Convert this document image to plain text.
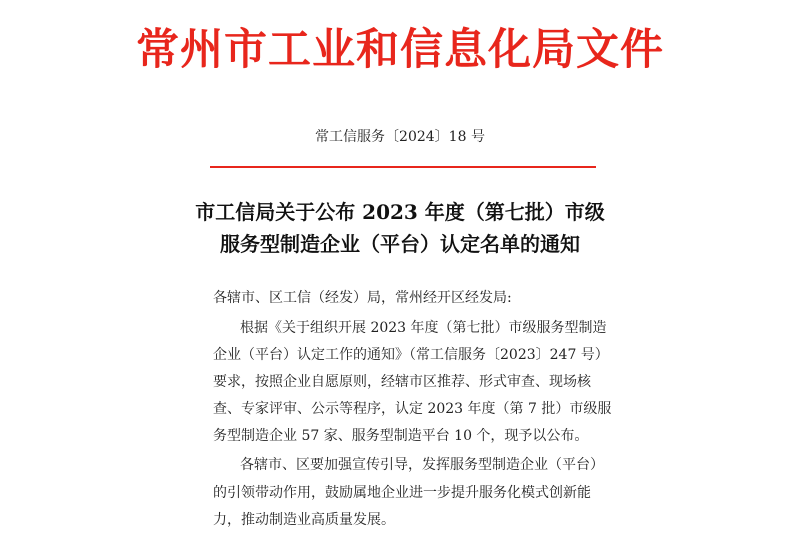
常州市工业和信息化局文件
常工信服务〔2024〕18 号
市工信局关于公布 2023 年度（第七批）市级
服务型制造企业（平台）认定名单的通知
各辖市、区工信（经发）局，常州经开区经发局:
根据《关于组织开展 2023 年度（第七批）市级服务型制造
企业（平台）认定工作的通知》（常工信服务〔2023〕247 号）
要求，按照企业自愿原则，经辖市区推荐、形式审查、现场核
查、专家评审、公示等程序，认定 2023 年度（第 7 批）市级服
务型制造企业 57 家、服务型制造平台 10 个，现予以公布。
各辖市、区要加强宣传引导，发挥服务型制造企业（平台）
的引领带动作用，鼓励属地企业进一步提升服务化模式创新能
力，推动制造业高质量发展。
